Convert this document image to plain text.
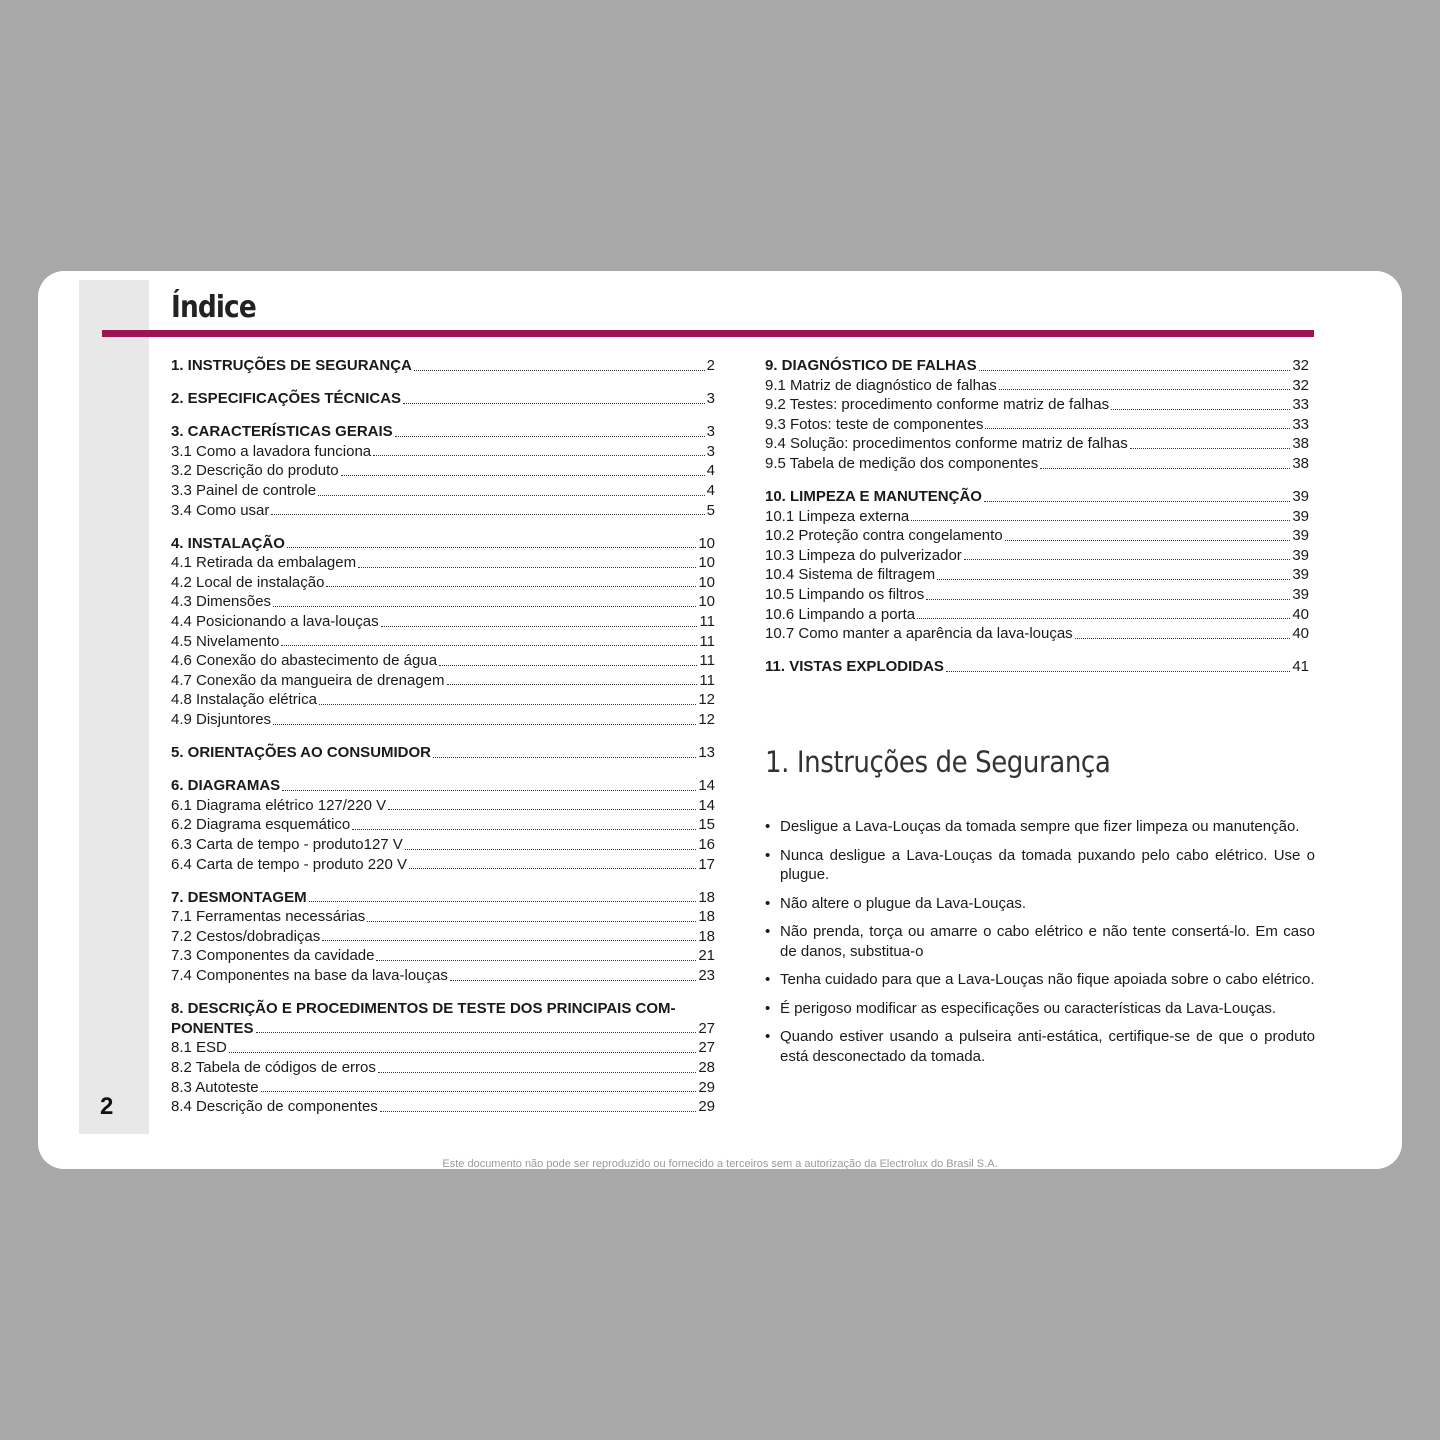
2
Índice
1. INSTRUÇÕES DE SEGURANÇA	2
2. ESPECIFICAÇÕES TÉCNICAS	3
3. CARACTERÍSTICAS GERAIS	3
3.1 Como a lavadora funciona	3
3.2 Descrição do produto	4
3.3 Painel de controle	4
3.4 Como usar	5
4. INSTALAÇÃO	10
4.1 Retirada da embalagem	10
4.2 Local de instalação	10
4.3 Dimensões	10
4.4 Posicionando a lava-louças	11
4.5 Nivelamento	11
4.6 Conexão do abastecimento de água	11
4.7 Conexão da mangueira de drenagem	11
4.8 Instalação elétrica	12
4.9 Disjuntores	12
5. ORIENTAÇÕES AO CONSUMIDOR	13
6. DIAGRAMAS	14
6.1 Diagrama elétrico 127/220 V	14
6.2 Diagrama esquemático	15
6.3 Carta de tempo - produto127 V	16
6.4 Carta de tempo - produto 220 V	17
7. DESMONTAGEM	18
7.1 Ferramentas necessárias	18
7.2 Cestos/dobradiças	18
7.3 Componentes da cavidade	21
7.4 Componentes na base da lava-louças	23
8. DESCRIÇÃO E PROCEDIMENTOS DE TESTE DOS PRINCIPAIS COM-
PONENTES	27
8.1 ESD	27
8.2 Tabela de códigos de erros	28
8.3 Autoteste	29
8.4 Descrição de componentes	29
9. DIAGNÓSTICO DE FALHAS	32
9.1 Matriz de diagnóstico de falhas	32
9.2 Testes: procedimento conforme matriz de falhas	33
9.3 Fotos: teste de componentes	33
9.4 Solução: procedimentos conforme matriz de falhas	38
9.5 Tabela de medição dos componentes	38
10. LIMPEZA E MANUTENÇÃO	39
10.1 Limpeza externa	39
10.2 Proteção contra congelamento	39
10.3 Limpeza do pulverizador	39
10.4 Sistema de filtragem	39
10.5 Limpando os filtros	39
10.6 Limpando a porta	40
10.7 Como manter a aparência da lava-louças	40
11. VISTAS EXPLODIDAS	41
1. Instruções de Segurança
• Desligue a Lava-Louças da tomada sempre que fizer limpeza ou manutenção.
• Nunca desligue a Lava-Louças da tomada puxando pelo cabo elétrico. Use o plugue.
• Não altere o plugue da Lava-Louças.
• Não prenda, torça ou amarre o cabo elétrico e não tente consertá-lo. Em caso de danos, substitua-o
• Tenha cuidado para que a Lava-Louças não fique apoiada sobre o cabo elétrico.
• É perigoso modificar as especificações ou características da Lava-Louças.
• Quando estiver usando a pulseira anti-estática, certifique-se de que o produto está desconectado da tomada.
Este documento não pode ser reproduzido ou fornecido a terceiros sem a autorização da Electrolux do Brasil S.A.
